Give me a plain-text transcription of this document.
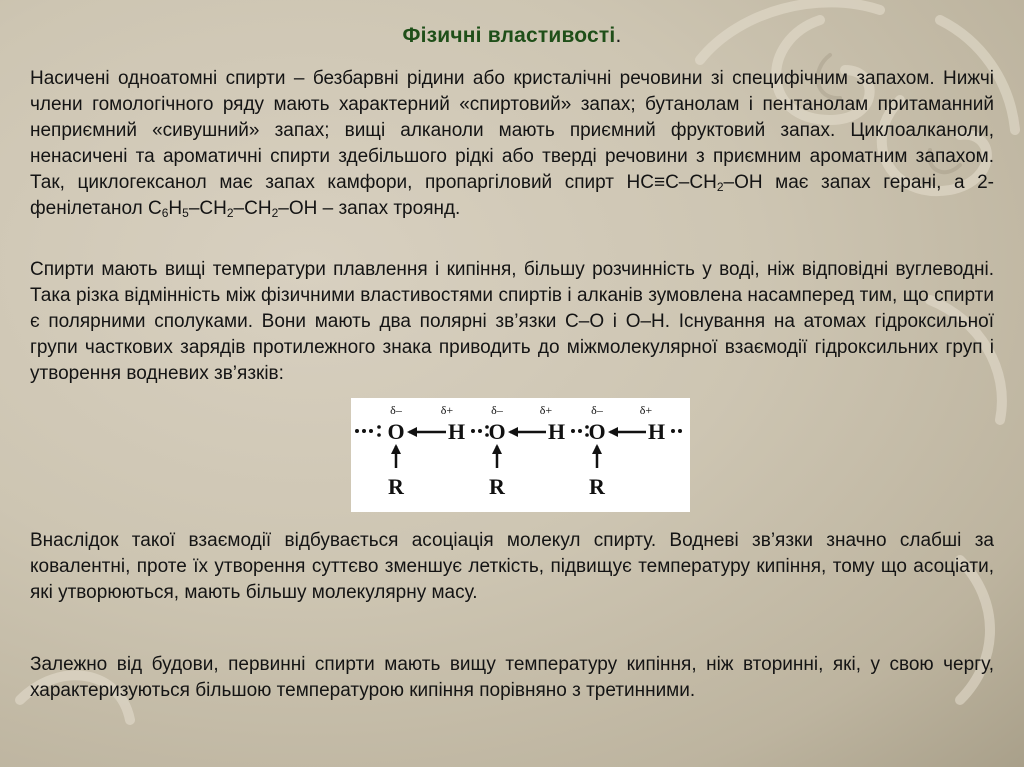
Фізичні властивості.
Насичені одноатомні спирти – безбарвні рідини або кристалічні речовини зі специфічним запахом. Нижчі члени гомологічного ряду мають характерний «спиртовий» запах; бутанолам і пентанолам притаманний неприємний «сивушний» запах; вищі алканоли мають приємний фруктовий запах. Циклоалканоли, ненасичені та ароматичні спирти здебільшого рідкі або тверді речовини з приємним ароматним запахом. Так, циклогексанол має запах камфори, пропаргіловий спирт $НС\equiv С-СН_2-ОН$ має запах герані, а 2-фенілетанол $С_6Н_5-СН_2-СН_2-ОН$ – запах троянд.
Спирти мають вищі температури плавлення і кипіння, більшу розчинність у воді, ніж відповідні вуглеводні. Така різка відмінність між фізичними властивостями спиртів і алканів зумовлена насамперед тим, що спирти є полярними сполуками. Вони мають два полярні зв’язки С–О і О–Н. Існування на атомах гідроксильної групи часткових зарядів протилежного знака приводить до міжмолекулярної взаємодії гідроксильних груп і утворення водневих зв’язків:
δ–
O
δ+
H
R
δ–
O
δ+
H
R
δ–
O
δ+
H
R
Внаслідок такої взаємодії відбувається асоціація молекул спирту. Водневі зв’язки значно слабші за ковалентні, проте їх утворення суттєво зменшує леткість, підвищує температуру кипіння, тому що асоціати, які утворюються, мають більшу молекулярну масу.
Залежно від будови, первинні спирти мають вищу температуру кипіння, ніж вторинні, які, у свою чергу, характеризуються більшою температурою кипіння порівняно з третинними.
